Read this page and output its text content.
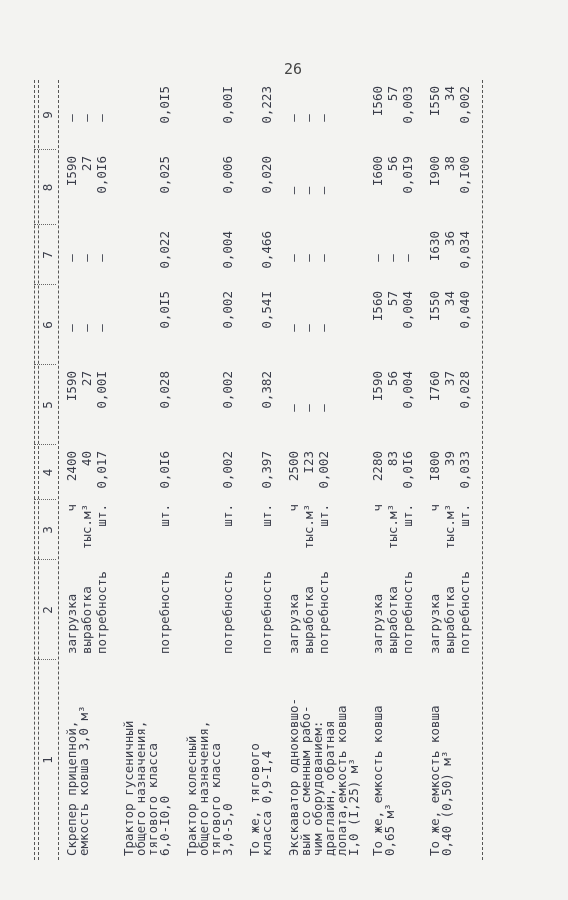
26
1
2
3
4
5
6
7
8
9
Скрепер прицепной,
емкость ковша 3,0 м³
загрузка
ч
2400
I590
–
–
I590
–
выработка
тыс.м³
40
27
–
–
27
–
потребность
шт.
0,017
0,00I
–
–
0,0I6
–
Трактор гусеничный
общего назначения,
тягового класса
6,0-I0,0
потребность
шт.
0,0I6
0,028
0,0I5
0,022
0,025
0,0I5
Трактор колесный
общего назначения,
тягового класса
3,0-5,0
потребность
шт.
0,002
0,002
0,002
0,004
0,006
0,00I
То же, тягового
класса 0,9-I,4
потребность
шт.
0,397
0,382
0,54I
0,466
0,020
0,223
Экскаватор одноковшо-
вый со сменным рабо-
чим оборудованием:
драглайн, обратная
лопата,емкость ковша
I,0 (I,25) м³
загрузка
ч
2500
–
–
–
–
–
выработка
тыс.м³
I23
–
–
–
–
–
потребность
шт.
0,002
–
–
–
–
–
То же, емкость ковша
0,65 м³
загрузка
ч
2280
I590
I560
–
I600
I560
выработка
тыс.м³
83
56
57
–
56
57
потребность
шт.
0,0I6
0,004
0,004
–
0,0I9
0,003
То же, емкость ковша
0,40 (0,50) м³
загрузка
ч
I800
I760
I550
I630
I900
I550
выработка
тыс.м³
39
37
34
36
38
34
потребность
шт.
0,033
0,028
0,040
0,034
0,I00
0,002
